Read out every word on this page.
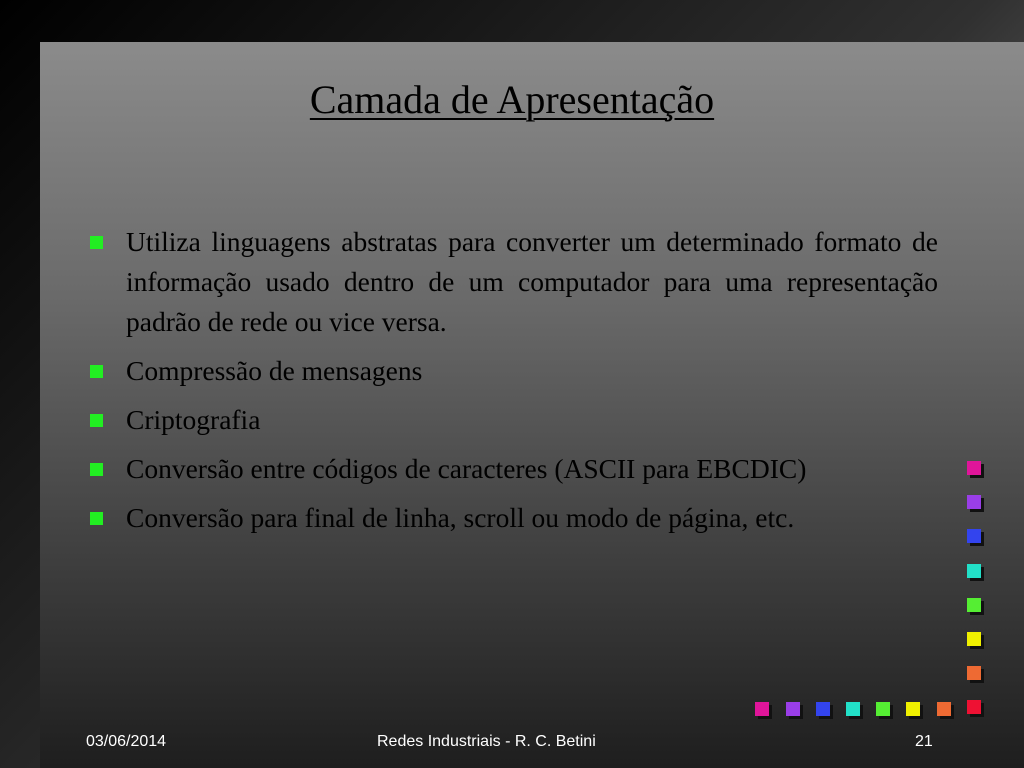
Camada de Apresentação
Utiliza linguagens abstratas para converter um determinado formato de informação usado dentro de um computador para uma representação padrão de rede ou vice versa.
Compressão de mensagens
Criptografia
Conversão entre códigos de caracteres (ASCII para EBCDIC)
Conversão para final de linha, scroll ou modo de página, etc.
03/06/2014	Redes Industriais - R. C. Betini	21
